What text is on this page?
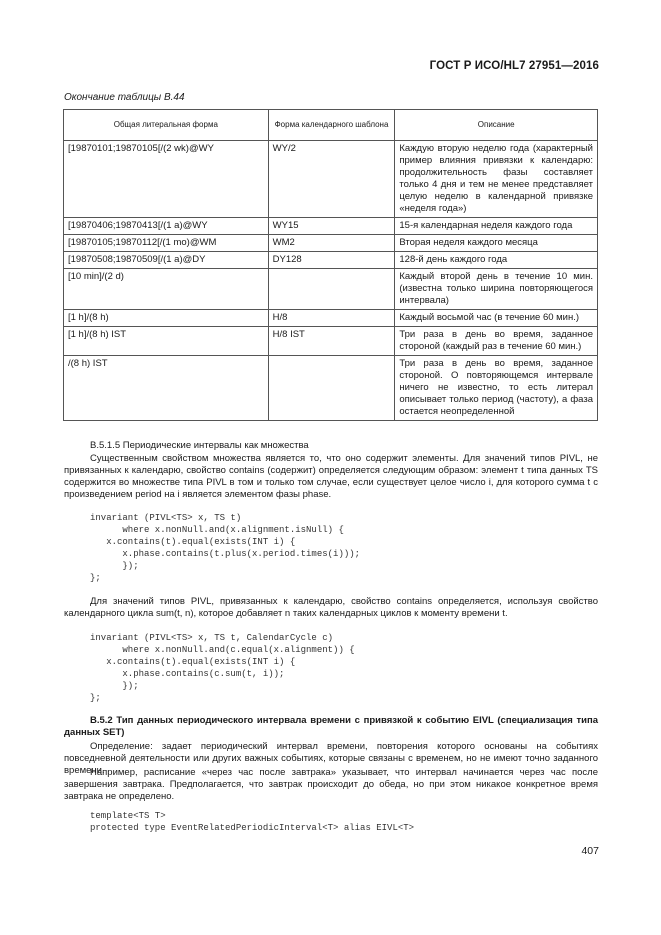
ГОСТ Р ИСО/HL7 27951—2016
Окончание таблицы В.44
Общая литеральная форма	Форма календарного шаблона	Описание
[19870101;19870105[/(2 wk)@WY	WY/2	Каждую вторую неделю года (характерный пример влияния привязки к календарю: продолжительность фазы составляет только 4 дня и тем не менее представляет целую неделю в календарной привязке «неделя года»)
[19870406;19870413[/(1 a)@WY	WY15	15-я календарная неделя каждого года
[19870105;19870112[/(1 mo)@WM	WM2	Вторая неделя каждого месяца
[19870508;19870509[/(1 a)@DY	DY128	128-й день каждого года
[10 min]/(2 d)		Каждый второй день в течение 10 мин. (известна только ширина повторяющегося интервала)
[1 h]/(8 h)	H/8	Каждый восьмой час (в течение 60 мин.)
[1 h]/(8 h) IST	H/8 IST	Три раза в день во время, заданное стороной (каждый раз в течение 60 мин.)
/(8 h) IST		Три раза в день во время, заданное стороной. О повторяющемся интервале ничего не известно, то есть литерал описывает только период (частоту), а фаза остается неопределенной

В.5.1.5 Периодические интервалы как множества

Существенным свойством множества является то, что оно содержит элементы. Для значений типов PIVL, не привязанных к календарю, свойство contains (содержит) определяется следующим образом: элемент t типа данных TS содержится во множестве типа PIVL в том и только том случае, если существует целое число i, для которого сумма t с произведением period на i является элементом фазы phase.

invariant (PIVL<TS> x, TS t)
where x.nonNull.and(x.alignment.isNull) {
x.contains(t).equal(exists(INT i) {
x.phase.contains(t.plus(x.period.times(i)));
});
};

Для значений типов PIVL, привязанных к календарю, свойство contains определяется, используя свойство календарного цикла sum(t, n), которое добавляет n таких календарных циклов к моменту времени t.

invariant (PIVL<TS> x, TS t, CalendarCycle c)
where x.nonNull.and(c.equal(x.alignment)) {
x.contains(t).equal(exists(INT i) {
x.phase.contains(c.sum(t, i));
});
};

В.5.2 Тип данных периодического интервала времени с привязкой к событию EIVL (специализация типа данных SET)

Определение: задает периодический интервал времени, повторения которого основаны на событиях повседневной деятельности или других важных событиях, которые связаны с временем, но не имеют точно заданного времени.

Например, расписание «через час после завтрака» указывает, что интервал начинается через час после завершения завтрака. Предполагается, что завтрак происходит до обеда, но при этом никакое конкретное время завтрака не определено.

template<TS T>
protected type EventRelatedPeriodicInterval<T> alias EIVL<T>
407
